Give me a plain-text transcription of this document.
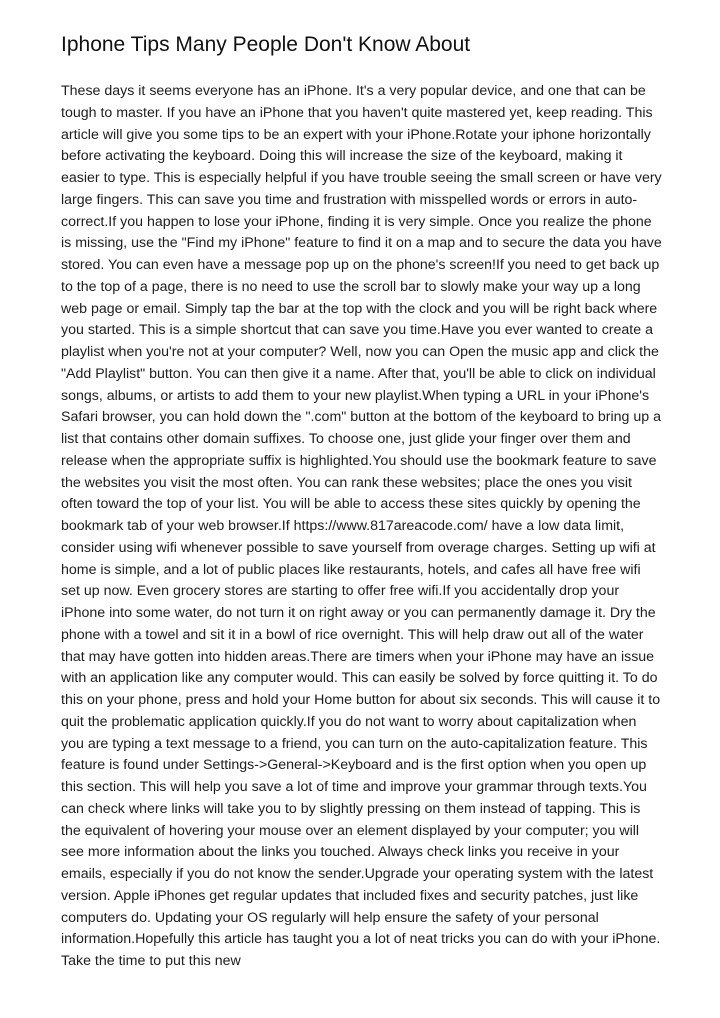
Iphone Tips Many People Don't Know About

These days it seems everyone has an iPhone. It's a very popular device, and one that can be tough to master. If you have an iPhone that you haven't quite mastered yet, keep reading. This article will give you some tips to be an expert with your iPhone.Rotate your iphone horizontally before activating the keyboard. Doing this will increase the size of the keyboard, making it easier to type. This is especially helpful if you have trouble seeing the small screen or have very large fingers. This can save you time and frustration with misspelled words or errors in auto-correct.If you happen to lose your iPhone, finding it is very simple. Once you realize the phone is missing, use the "Find my iPhone" feature to find it on a map and to secure the data you have stored. You can even have a message pop up on the phone's screen!If you need to get back up to the top of a page, there is no need to use the scroll bar to slowly make your way up a long web page or email. Simply tap the bar at the top with the clock and you will be right back where you started. This is a simple shortcut that can save you time.Have you ever wanted to create a playlist when you're not at your computer? Well, now you can Open the music app and click the "Add Playlist" button. You can then give it a name. After that, you'll be able to click on individual songs, albums, or artists to add them to your new playlist.When typing a URL in your iPhone's Safari browser, you can hold down the ".com" button at the bottom of the keyboard to bring up a list that contains other domain suffixes. To choose one, just glide your finger over them and release when the appropriate suffix is highlighted.You should use the bookmark feature to save the websites you visit the most often. You can rank these websites; place the ones you visit often toward the top of your list. You will be able to access these sites quickly by opening the bookmark tab of your web browser.If https://www.817areacode.com/ have a low data limit, consider using wifi whenever possible to save yourself from overage charges. Setting up wifi at home is simple, and a lot of public places like restaurants, hotels, and cafes all have free wifi set up now. Even grocery stores are starting to offer free wifi.If you accidentally drop your iPhone into some water, do not turn it on right away or you can permanently damage it. Dry the phone with a towel and sit it in a bowl of rice overnight. This will help draw out all of the water that may have gotten into hidden areas.There are timers when your iPhone may have an issue with an application like any computer would. This can easily be solved by force quitting it. To do this on your phone, press and hold your Home button for about six seconds. This will cause it to quit the problematic application quickly.If you do not want to worry about capitalization when you are typing a text message to a friend, you can turn on the auto-capitalization feature. This feature is found under Settings->General->Keyboard and is the first option when you open up this section. This will help you save a lot of time and improve your grammar through texts.You can check where links will take you to by slightly pressing on them instead of tapping. This is the equivalent of hovering your mouse over an element displayed by your computer; you will see more information about the links you touched. Always check links you receive in your emails, especially if you do not know the sender.Upgrade your operating system with the latest version. Apple iPhones get regular updates that included fixes and security patches, just like computers do. Updating your OS regularly will help ensure the safety of your personal information.Hopefully this article has taught you a lot of neat tricks you can do with your iPhone. Take the time to put this new
